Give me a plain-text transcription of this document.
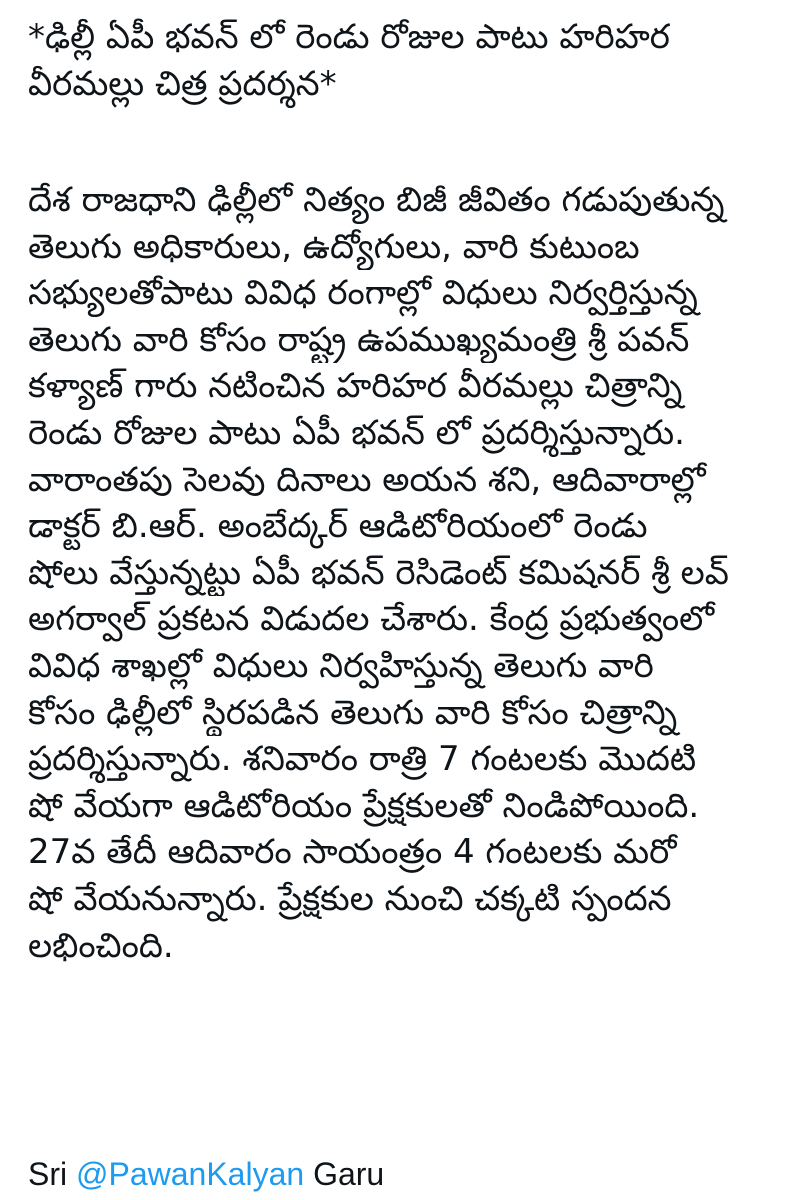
*ఢిల్లీ ఏపీ భవన్ లో రెండు రోజుల పాటు హరిహర
వీరమల్లు చిత్ర ప్రదర్శన*
దేశ రాజధాని ఢిల్లీలో నిత్యం బిజీ జీవితం గడుపుతున్న
తెలుగు అధికారులు, ఉద్యోగులు, వారి కుటుంబ
సభ్యులతోపాటు వివిధ రంగాల్లో విధులు నిర్వర్తిస్తున్న
తెలుగు వారి కోసం రాష్ట్ర ఉపముఖ్యమంత్రి శ్రీ పవన్
కళ్యాణ్ గారు నటించిన హరిహర వీరమల్లు చిత్రాన్ని
రెండు రోజుల పాటు ఏపీ భవన్ లో ప్రదర్శిస్తున్నారు.
వారాంతపు సెలవు దినాలు అయన శని, ఆదివారాల్లో
డాక్టర్ బి.ఆర్. అంబేద్కర్ ఆడిటోరియంలో రెండు
షోలు వేస్తున్నట్టు ఏపీ భవన్ రెసిడెంట్ కమిషనర్ శ్రీ లవ్
అగర్వాల్ ప్రకటన విడుదల చేశారు. కేంద్ర ప్రభుత్వంలో
వివిధ శాఖల్లో విధులు నిర్వహిస్తున్న తెలుగు వారి
కోసం ఢిల్లీలో స్థిరపడిన తెలుగు వారి కోసం చిత్రాన్ని
ప్రదర్శిస్తున్నారు. శనివారం రాత్రి 7 గంటలకు మొదటి
షో వేయగా ఆడిటోరియం ప్రేక్షకులతో నిండిపోయింది.
27వ తేదీ ఆదివారం సాయంత్రం 4 గంటలకు మరో
షో వేయనున్నారు. ప్రేక్షకుల నుంచి చక్కటి స్పందన
లభించింది.
Sri @PawanKalyan Garu
